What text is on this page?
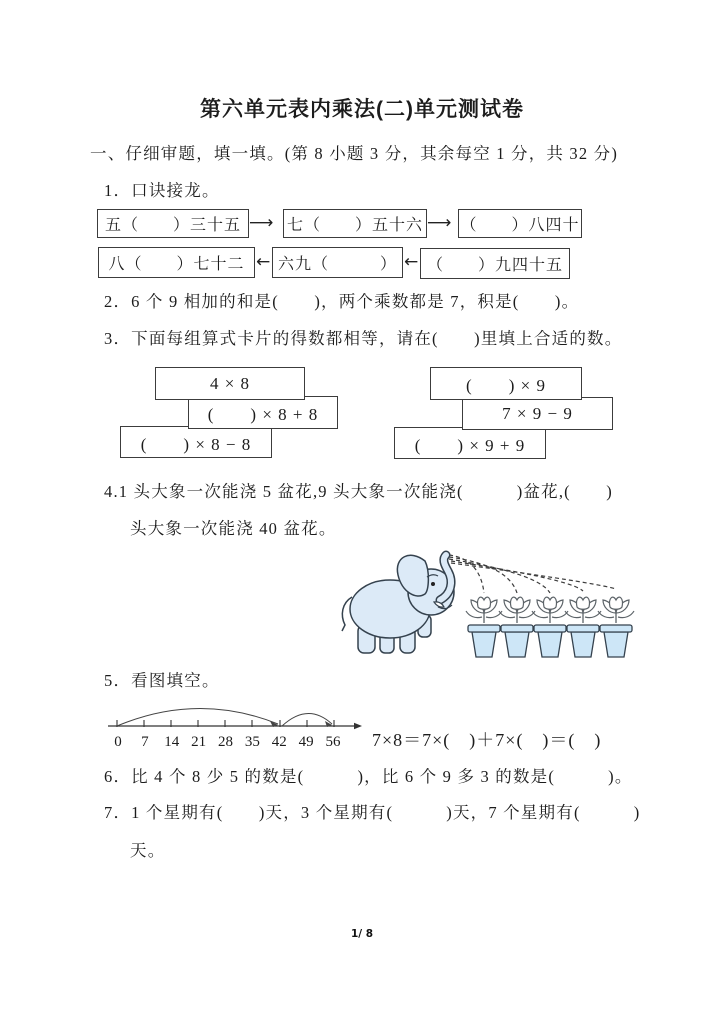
第六单元表内乘法(二)单元测试卷
一、仔细审题，填一填。(第 8 小题 3 分，其余每空 1 分，共 32 分)
1．口诀接龙。
五（　　）三十五 ⟶ 七（　　）五十六 ⟶ （　　）八四十
八（　　）七十二 ← 六九（　　　） ← （　　）九四十五
2．6 个 9 相加的和是(　　)，两个乘数都是 7，积是(　　)。
3．下面每组算式卡片的得数都相等，请在(　　)里填上合适的数。
4 × 8
(　　) × 8 + 8
(　　) × 8 − 8
(　　) × 9
7 × 9 − 9
(　　) × 9 + 9
4.1 头大象一次能浇 5 盆花,9 头大象一次能浇(　　　)盆花,(　　)
头大象一次能浇 40 盆花。
5．看图填空。
0	7	14 21 28 35 42 49 56 7×8＝7×(　)＋7×(　)＝(　)
6．比 4 个 8 少 5 的数是(　　　)，比 6 个 9 多 3 的数是(　　　)。
7．1 个星期有(　　)天，3 个星期有(　　　)天，7 个星期有(　　　)
天。
1/ 8
